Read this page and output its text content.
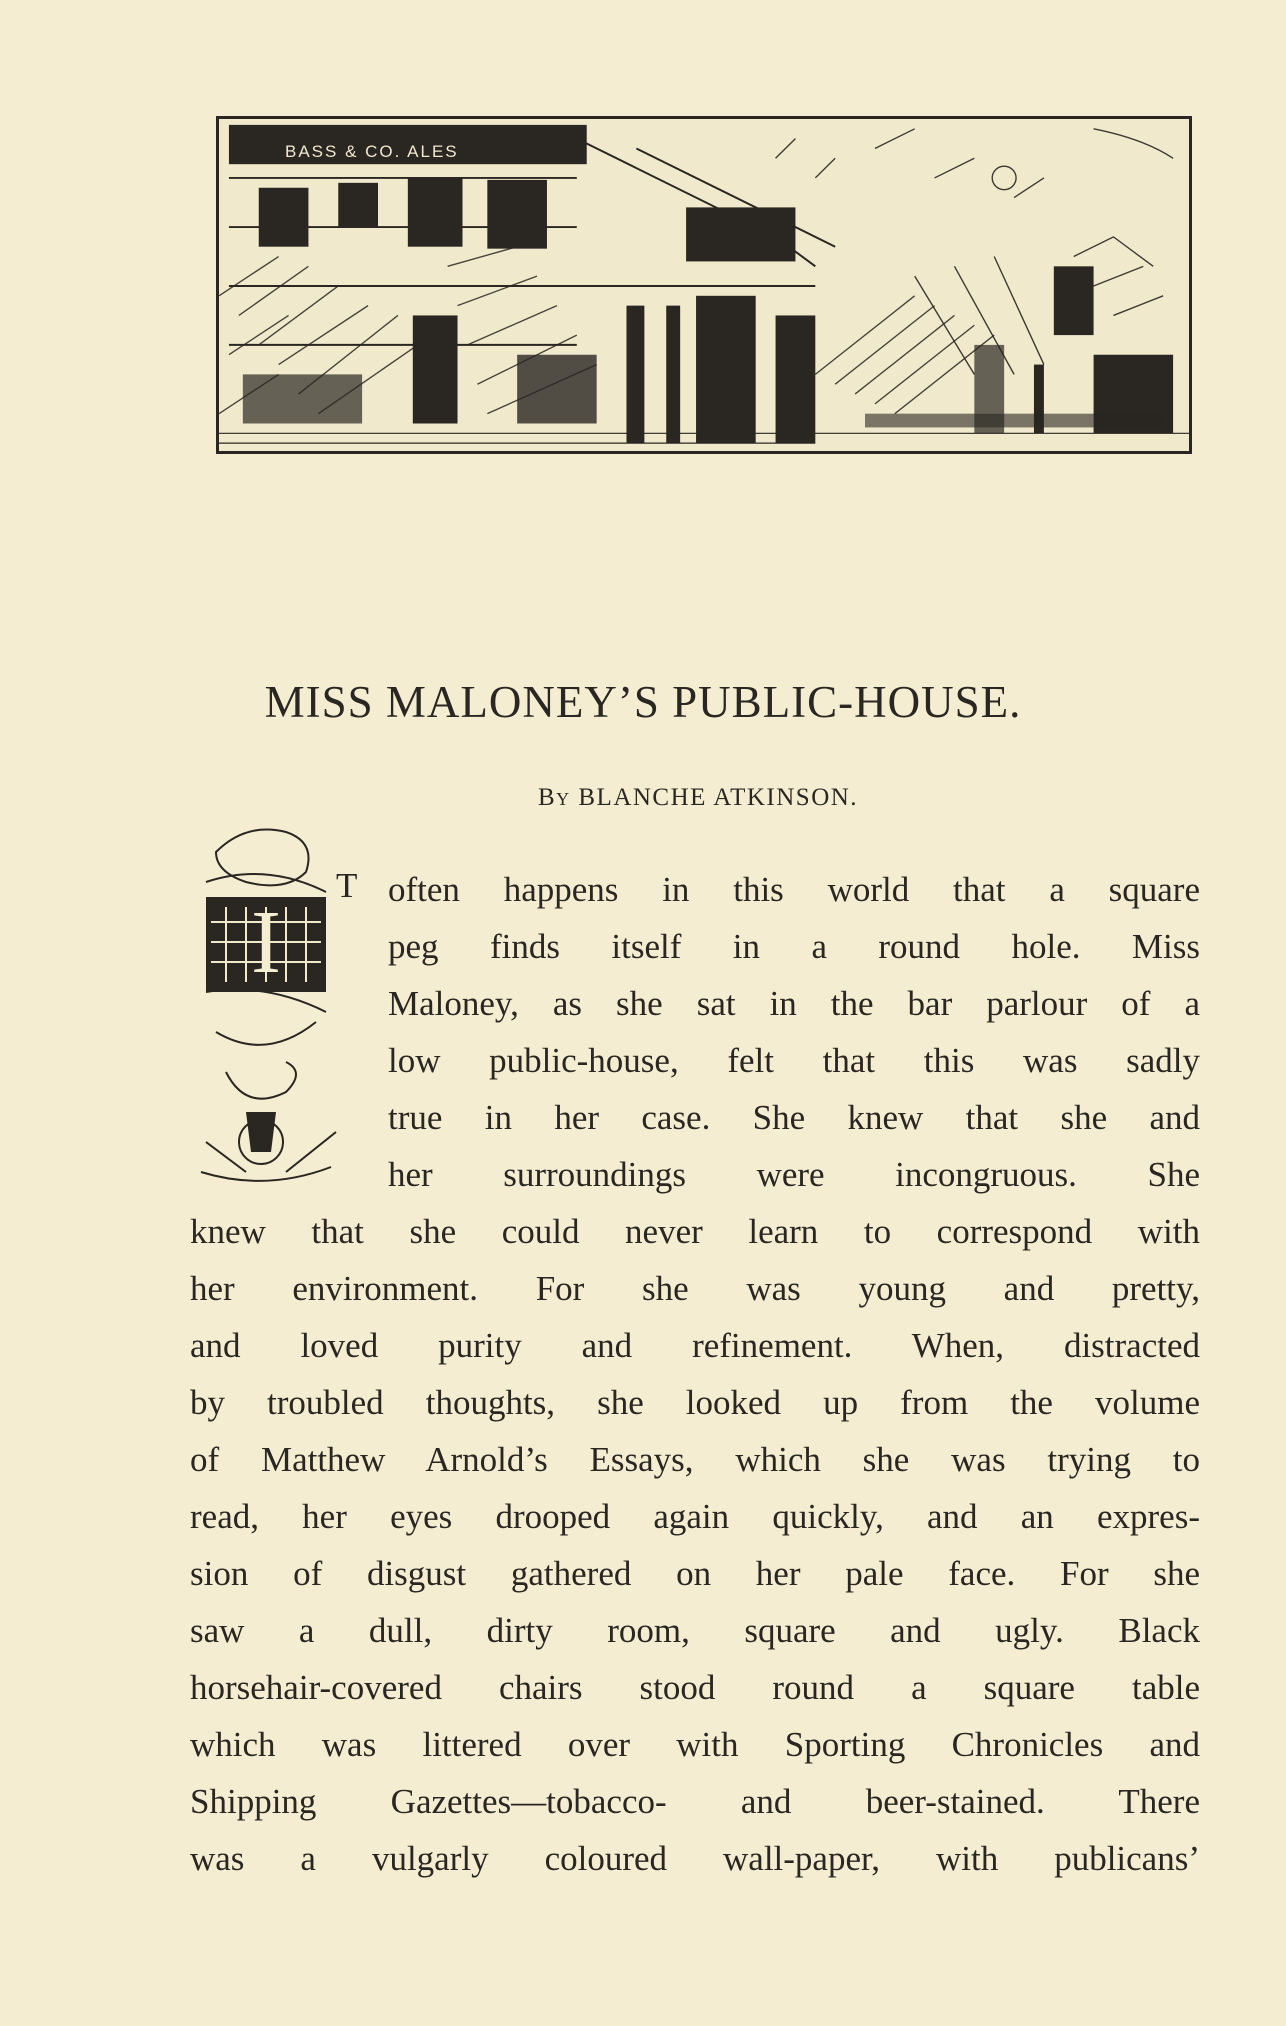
BASS & CO. ALES
MISS MALONEY’S PUBLIC-HOUSE.
By BLANCHE ATKINSON.
I
T often happens in this world that a square
peg finds itself in a round hole. Miss
Maloney, as she sat in the bar parlour of a
low public-house, felt that this was sadly
true in her case. She knew that she and
her surroundings were incongruous. She
knew that she could never learn to correspond with
her environment. For she was young and pretty,
and loved purity and refinement. When, distracted
by troubled thoughts, she looked up from the volume
of Matthew Arnold’s Essays, which she was trying to
read, her eyes drooped again quickly, and an expres-
sion of disgust gathered on her pale face. For she
saw a dull, dirty room, square and ugly. Black
horsehair-covered chairs stood round a square table
which was littered over with Sporting Chronicles and
Shipping Gazettes—tobacco- and beer-stained. There
was a vulgarly coloured wall-paper, with publicans’
